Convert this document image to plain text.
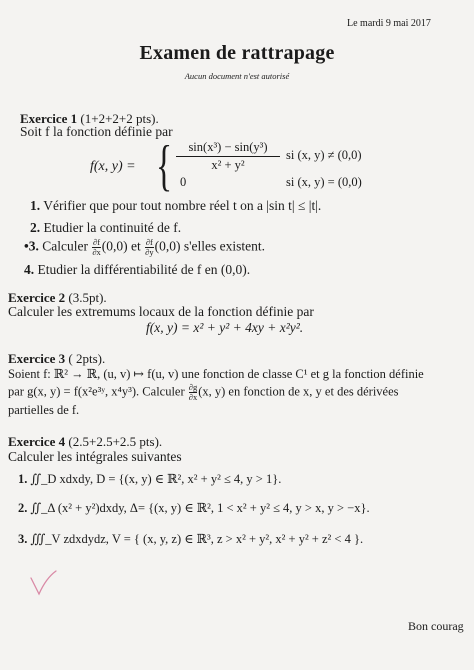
Le mardi 9 mai 2017
Examen de rattrapage
Aucun document n'est autorisé
Exercice 1 (1+2+2+2 pts).
Soit f la fonction définie par
f(x, y) = { $\frac{\text{sin(x³) − sin(y³)}}{\text{x² + y²}}$
0
si (x, y) ≠ (0,0)
si (x, y) = (0,0)
1. Vérifier que pour tout nombre réel t on a |sin t| ≤ |t|.
2. Etudier la continuité de f.
•3. Calculer $\frac{\partial f}{\partial x} (0,0)$ et $\frac{\partial f}{\partial y} (0,0)$ s'elles existent.
4. Etudier la différentiabilité de f en (0,0).
Exercice 2 (3.5pt).
Calculer les extremums locaux de la fonction définie par
f(x, y) = x² + y² + 4xy + x²y².
Exercice 3 ( 2pts).
Soient f: ℝ² → ℝ, (u, v) ↦ f(u, v) une fonction de classe C¹ et g la fonction définie
par g(x, y) = f(x²e³ʸ, x⁴y³). Calculer $\frac{\partial g}{\partial x} (x$, y) en fonction de x, y et des dérivées
partielles de f.
Exercice 4 (2.5+2.5+2.5 pts).
Calculer les intégrales suivantes
1. ∬_D xdxdy, D = {(x, y) ∈ ℝ², x² + y² ≤ 4, y > 1}.
2. ∬_Δ (x² + y²)dxdy, Δ= {(x, y) ∈ ℝ², 1 < x² + y² ≤ 4, y > x, y > −x}.
3. ∭_V zdxdydz, V = { (x, y, z) ∈ ℝ³, z > x² + y², x² + y² + z² < 4 }.
Bon courag
